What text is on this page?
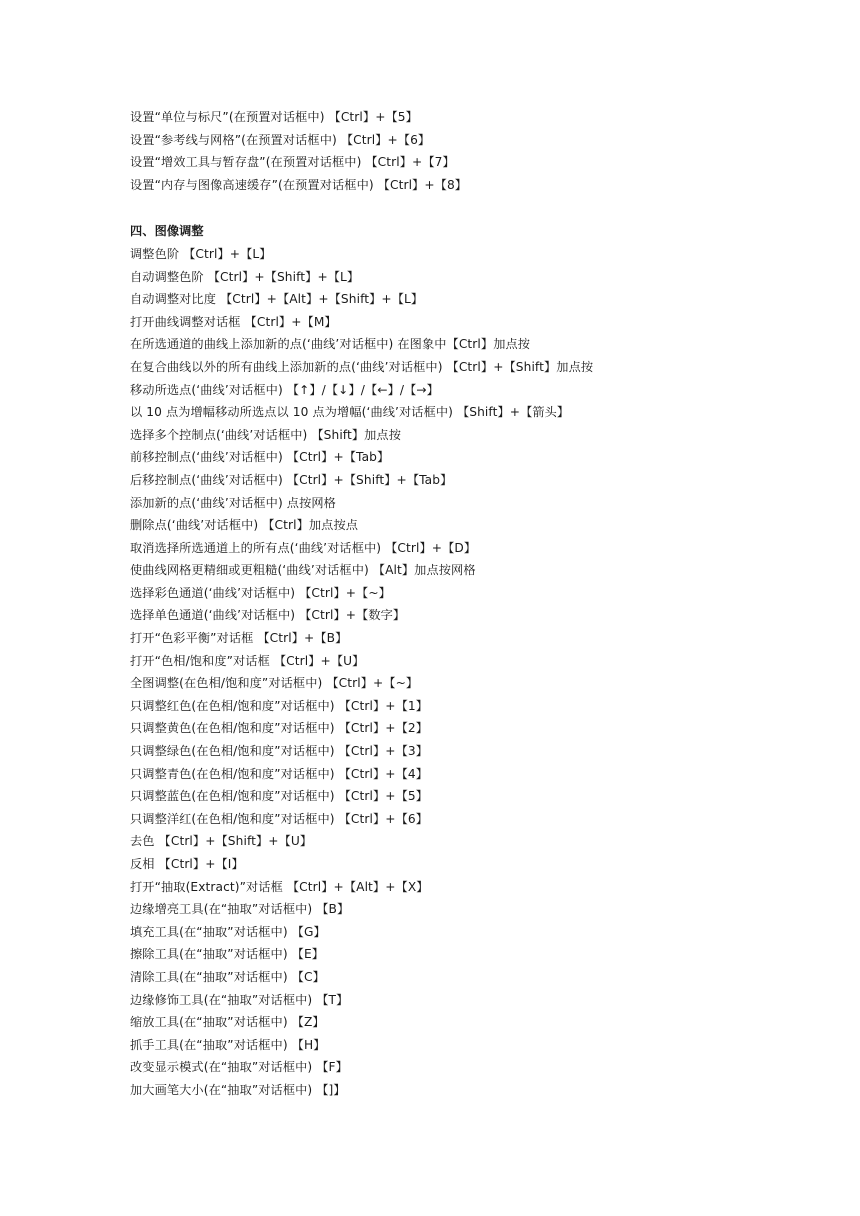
设置“单位与标尺”(在预置对话框中) 【Ctrl】+【5】
设置“参考线与网格”(在预置对话框中) 【Ctrl】+【6】
设置“增效工具与暂存盘”(在预置对话框中) 【Ctrl】+【7】
设置“内存与图像高速缓存”(在预置对话框中) 【Ctrl】+【8】
四、图像调整
调整色阶 【Ctrl】+【L】
自动调整色阶 【Ctrl】+【Shift】+【L】
自动调整对比度 【Ctrl】+【Alt】+【Shift】+【L】
打开曲线调整对话框 【Ctrl】+【M】
在所选通道的曲线上添加新的点(‘曲线’对话框中) 在图象中【Ctrl】加点按
在复合曲线以外的所有曲线上添加新的点(‘曲线’对话框中) 【Ctrl】+【Shift】加点按
移动所选点(‘曲线’对话框中) 【↑】/【↓】/【←】/【→】
以 10 点为增幅移动所选点以 10 点为增幅(‘曲线’对话框中) 【Shift】+【箭头】
选择多个控制点(‘曲线’对话框中) 【Shift】加点按
前移控制点(‘曲线’对话框中) 【Ctrl】+【Tab】
后移控制点(‘曲线’对话框中) 【Ctrl】+【Shift】+【Tab】
添加新的点(‘曲线’对话框中) 点按网格
删除点(‘曲线’对话框中) 【Ctrl】加点按点
取消选择所选通道上的所有点(‘曲线’对话框中) 【Ctrl】+【D】
使曲线网格更精细或更粗糙(‘曲线’对话框中) 【Alt】加点按网格
选择彩色通道(‘曲线’对话框中) 【Ctrl】+【~】
选择单色通道(‘曲线’对话框中) 【Ctrl】+【数字】
打开“色彩平衡”对话框 【Ctrl】+【B】
打开“色相/饱和度”对话框 【Ctrl】+【U】
全图调整(在色相/饱和度”对话框中) 【Ctrl】+【~】
只调整红色(在色相/饱和度”对话框中) 【Ctrl】+【1】
只调整黄色(在色相/饱和度”对话框中) 【Ctrl】+【2】
只调整绿色(在色相/饱和度”对话框中) 【Ctrl】+【3】
只调整青色(在色相/饱和度”对话框中) 【Ctrl】+【4】
只调整蓝色(在色相/饱和度”对话框中) 【Ctrl】+【5】
只调整洋红(在色相/饱和度”对话框中) 【Ctrl】+【6】
去色 【Ctrl】+【Shift】+【U】
反相 【Ctrl】+【I】
打开“抽取(Extract)”对话框 【Ctrl】+【Alt】+【X】
边缘增亮工具(在“抽取”对话框中) 【B】
填充工具(在“抽取”对话框中) 【G】
擦除工具(在“抽取”对话框中) 【E】
清除工具(在“抽取”对话框中) 【C】
边缘修饰工具(在“抽取”对话框中) 【T】
缩放工具(在“抽取”对话框中) 【Z】
抓手工具(在“抽取”对话框中) 【H】
改变显示模式(在“抽取”对话框中) 【F】
加大画笔大小(在“抽取”对话框中) 【]】
